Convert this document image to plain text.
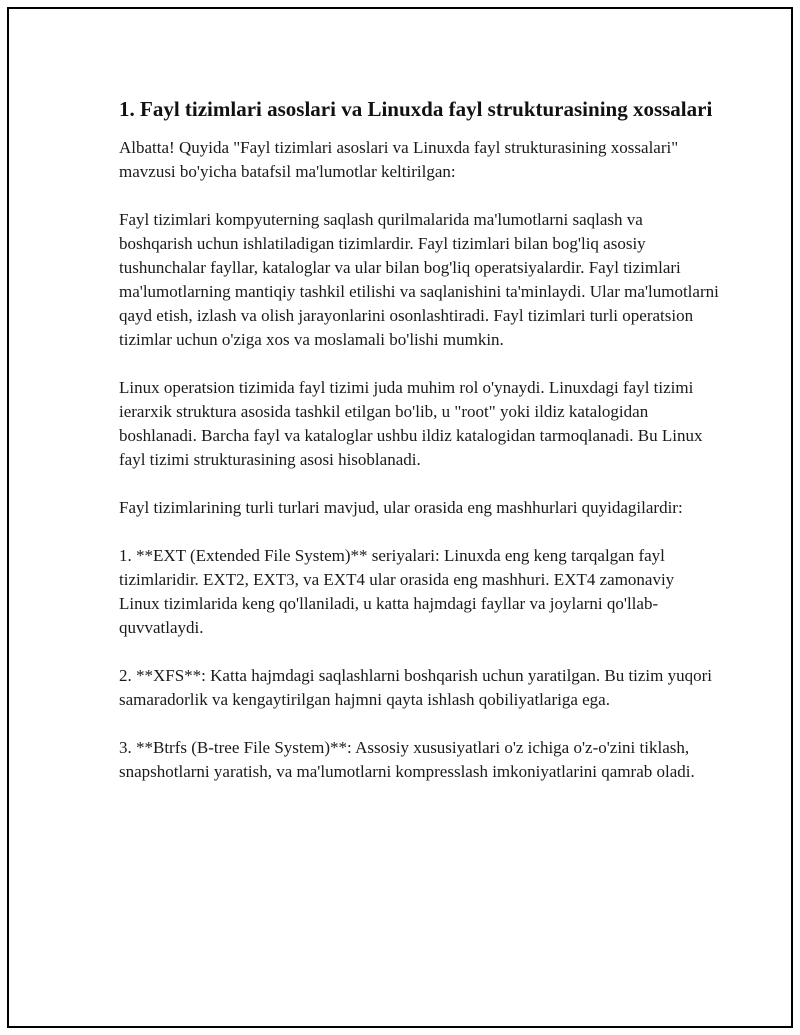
1. Fayl tizimlari asoslari va Linuxda fayl strukturasining xossalari

Albatta! Quyida "Fayl tizimlari asoslari va Linuxda fayl strukturasining xossalari" mavzusi bo'yicha batafsil ma'lumotlar keltirilgan:

Fayl tizimlari kompyuterning saqlash qurilmalarida ma'lumotlarni saqlash va boshqarish uchun ishlatiladigan tizimlardir. Fayl tizimlari bilan bog'liq asosiy tushunchalar fayllar, kataloglar va ular bilan bog'liq operatsiyalardir. Fayl tizimlari ma'lumotlarning mantiqiy tashkil etilishi va saqlanishini ta'minlaydi. Ular ma'lumotlarni qayd etish, izlash va olish jarayonlarini osonlashtiradi. Fayl tizimlari turli operatsion tizimlar uchun o'ziga xos va moslamali bo'lishi mumkin.

Linux operatsion tizimida fayl tizimi juda muhim rol o'ynaydi. Linuxdagi fayl tizimi ierarxik struktura asosida tashkil etilgan bo'lib, u "root" yoki ildiz katalogidan boshlanadi. Barcha fayl va kataloglar ushbu ildiz katalogidan tarmoqlanadi. Bu Linux fayl tizimi strukturasining asosi hisoblanadi.

Fayl tizimlarining turli turlari mavjud, ular orasida eng mashhurlari quyidagilardir:

1. **EXT (Extended File System)** seriyalari: Linuxda eng keng tarqalgan fayl tizimlaridir. EXT2, EXT3, va EXT4 ular orasida eng mashhuri. EXT4 zamonaviy Linux tizimlarida keng qo'llaniladi, u katta hajmdagi fayllar va joylarni qo'llab-quvvatlaydi.

2. **XFS**: Katta hajmdagi saqlashlarni boshqarish uchun yaratilgan. Bu tizim yuqori samaradorlik va kengaytirilgan hajmni qayta ishlash qobiliyatlariga ega.

3. **Btrfs (B-tree File System)**: Assosiy xususiyatlari o'z ichiga o'z-o'zini tiklash, snapshotlarni yaratish, va ma'lumotlarni kompresslash imkoniyatlarini qamrab oladi.
